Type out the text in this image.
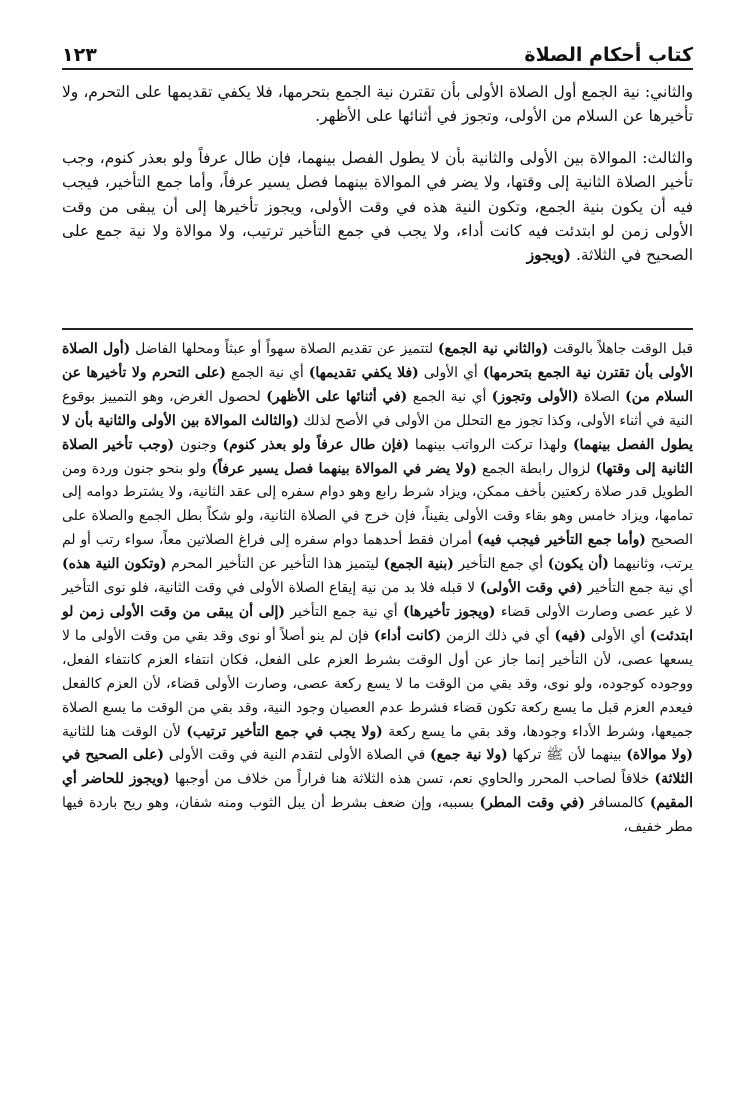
كتاب أحكام الصلاة
١٢٣

والثاني: نية الجمع أول الصلاة الأولى بأن تقترن نية الجمع بتحرمها، فلا يكفي تقديمها على التحرم، ولا تأخيرها عن السلام من الأولى، وتجوز في أثنائها على الأظهر.

والثالث: الموالاة بين الأولى والثانية بأن لا يطول الفصل بينهما، فإن طال عرفاً ولو بعذر كنوم، وجب تأخير الصلاة الثانية إلى وقتها، ولا يضر في الموالاة بينهما فصل يسير عرفاً، وأما جمع التأخير، فيجب فيه أن يكون بنية الجمع، وتكون النية هذه في وقت الأولى، ويجوز تأخيرها إلى أن يبقى من وقت الأولى زمن لو ابتدئت فيه كانت أداء، ولا يجب في جمع التأخير ترتيب، ولا موالاة ولا نية جمع على الصحيح في الثلاثة. (ويجوز

قبل الوقت جاهلاً بالوقت (والثاني نية الجمع) لتتميز عن تقديم الصلاة سهواً أو عبثاً ومحلها الفاضل (أول الصلاة الأولى بأن تقترن نية الجمع بتحرمها) أي الأولى (فلا يكفي تقديمها) أي نية الجمع (على التحرم ولا تأخيرها عن السلام من) الصلاة (الأولى وتجوز) أي نية الجمع (في أثنائها على الأظهر) لحصول الغرض، وهو التمييز بوقوع النية في أثناء الأولى، وكذا تجوز مع التحلل من الأولى في الأصح لذلك (والثالث الموالاة بين الأولى والثانية بأن لا يطول الفصل بينهما) ولهذا تركت الرواتب بينهما (فإن طال عرفاً ولو بعذر كنوم) وجنون (وجب تأخير الصلاة الثانية إلى وقتها) لزوال رابطة الجمع (ولا يضر في الموالاة بينهما فصل يسير عرفاً) ولو بنحو جنون وردة ومن الطويل قدر صلاة ركعتين بأخف ممكن، ويزاد شرط رابع وهو دوام سفره إلى عقد الثانية، ولا يشترط دوامه إلى تمامها، ويزاد خامس وهو بقاء وقت الأولى يقيناً، فإن خرج في الصلاة الثانية، ولو شكاً بطل الجمع والصلاة على الصحيح (وأما جمع التأخير فيجب فيه) أمران فقط أحدهما دوام سفره إلى فراغ الصلاتين معاً، سواء رتب أو لم يرتب، وثانيهما (أن يكون) أي جمع التأخير (بنية الجمع) ليتميز هذا التأخير عن التأخير المحرم (وتكون النية هذه) أي نية جمع التأخير (في وقت الأولى) لا قبله فلا بد من نية إيقاع الصلاة الأولى في وقت الثانية، فلو نوى التأخير لا غير عصى وصارت الأولى قضاء (ويجوز تأخيرها) أي نية جمع التأخير (إلى أن يبقى من وقت الأولى زمن لو ابتدئت) أي الأولى (فيه) أي في ذلك الزمن (كانت أداء) فإن لم ينو أصلاً أو نوى وقد بقي من وقت الأولى ما لا يسعها عصى، لأن التأخير إنما جاز عن أول الوقت بشرط العزم على الفعل، فكان انتفاء العزم كانتفاء الفعل، ووجوده كوجوده، ولو نوى، وقد بقي من الوقت ما لا يسع ركعة عصى، وصارت الأولى قضاء، لأن العزم كالفعل فيعدم العزم قبل ما يسع ركعة تكون قضاء فشرط عدم العصيان وجود النية، وقد بقي من الوقت ما يسع الصلاة جميعها، وشرط الأداء وجودها، وقد بقي ما يسع ركعة (ولا يجب في جمع التأخير ترتيب) لأن الوقت هنا للثانية (ولا موالاة) بينهما لأن ﷺ تركها (ولا نية جمع) في الصلاة الأولى لتقدم النية في وقت الأولى (على الصحيح في الثلاثة) خلافاً لصاحب المحرر والحاوي نعم، تسن هذه الثلاثة هنا فراراً من خلاف من أوجبها (ويجوز للحاضر أي المقيم) كالمسافر (في وقت المطر) بسببه، وإن ضعف بشرط أن يبل الثوب ومنه شفان، وهو ريح باردة فيها مطر خفيف،
